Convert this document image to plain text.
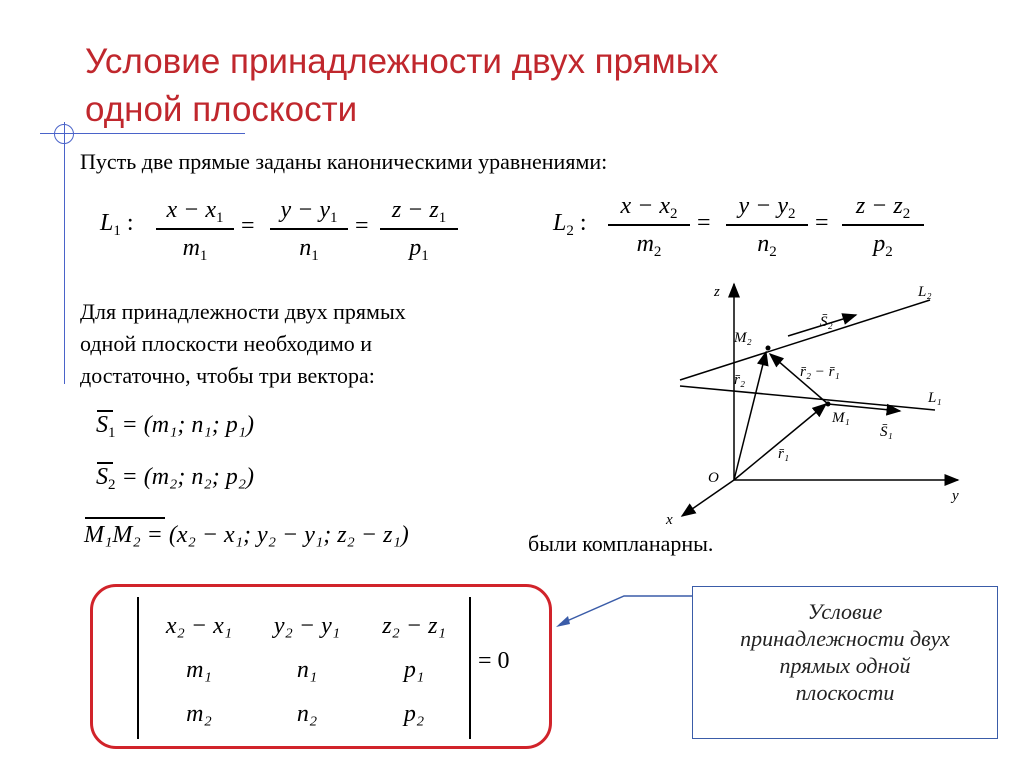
Условие принадлежности двух прямых
одной плоскости
Пусть две прямые заданы каноническими уравнениями:
$L_1$ :	$x - x_1$
$m_1$
=
$y - y_1$
$n_1$
=
$z - z_1$
$p_1$
$L_2$ :
$x - x_2$
$m_2$
=
$y - y_2$
$n_2$
=
$z - z_2$
$p_2$
Для принадлежности двух прямых
одной плоскости необходимо и
достаточно, чтобы три вектора:
$S_1 = (m_1$; n₁; p₁)
$S_2 = (m_2$; n₂; p₂)
M₁M₂ = (x₂ − x₁; y₂ − y₁; z₂ − z₁)	были компланарны.
x₂ − x₁	y₂ − y₁	z₂ − z₁
m₁	n₁	p₁
m₂	n₂	p₂
= 0
Условие
принадлежности двух
прямых одной
плоскости
z
y
x
O
L₂
L₁
M₂
M₁
S̄₂
S̄₁
r̄₂
r̄₁
r̄₂ − r̄₁
